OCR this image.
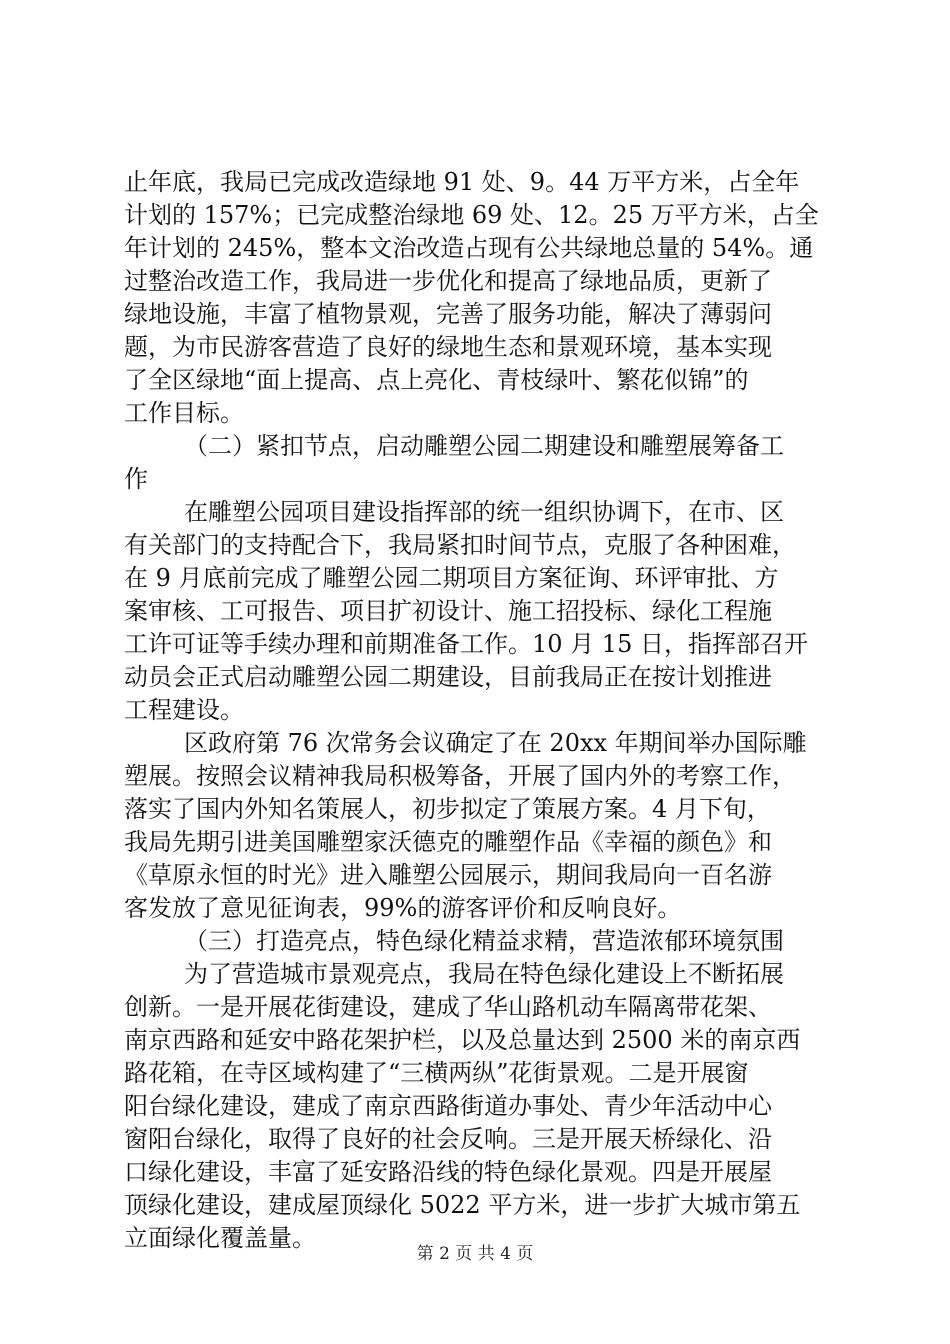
止年底，我局已完成改造绿地 91 处、9。44 万平方米，占全年
计划的 157%；已完成整治绿地 69 处、12。25 万平方米，占全
年计划的 245%，整本文治改造占现有公共绿地总量的 54%。通
过整治改造工作，我局进一步优化和提高了绿地品质，更新了
绿地设施，丰富了植物景观，完善了服务功能，解决了薄弱问
题，为市民游客营造了良好的绿地生态和景观环境，基本实现
了全区绿地“面上提高、点上亮化、青枝绿叶、繁花似锦”的
工作目标。
（二）紧扣节点，启动雕塑公园二期建设和雕塑展筹备工
作
在雕塑公园项目建设指挥部的统一组织协调下，在市、区
有关部门的支持配合下，我局紧扣时间节点，克服了各种困难，
在 9 月底前完成了雕塑公园二期项目方案征询、环评审批、方
案审核、工可报告、项目扩初设计、施工招投标、绿化工程施
工许可证等手续办理和前期准备工作。10 月 15 日，指挥部召开
动员会正式启动雕塑公园二期建设，目前我局正在按计划推进
工程建设。
区政府第 76 次常务会议确定了在 20xx 年期间举办国际雕
塑展。按照会议精神我局积极筹备，开展了国内外的考察工作，
落实了国内外知名策展人，初步拟定了策展方案。4 月下旬，
我局先期引进美国雕塑家沃德克的雕塑作品《幸福的颜色》和
《草原永恒的时光》进入雕塑公园展示，期间我局向一百名游
客发放了意见征询表，99%的游客评价和反响良好。
（三）打造亮点，特色绿化精益求精，营造浓郁环境氛围
为了营造城市景观亮点，我局在特色绿化建设上不断拓展
创新。一是开展花街建设，建成了华山路机动车隔离带花架、
南京西路和延安中路花架护栏，以及总量达到 2500 米的南京西
路花箱，在寺区域构建了“三横两纵”花街景观。二是开展窗
阳台绿化建设，建成了南京西路街道办事处、青少年活动中心
窗阳台绿化，取得了良好的社会反响。三是开展天桥绿化、沿
口绿化建设，丰富了延安路沿线的特色绿化景观。四是开展屋
顶绿化建设，建成屋顶绿化 5022 平方米，进一步扩大城市第五
立面绿化覆盖量。
第 2 页 共 4 页
